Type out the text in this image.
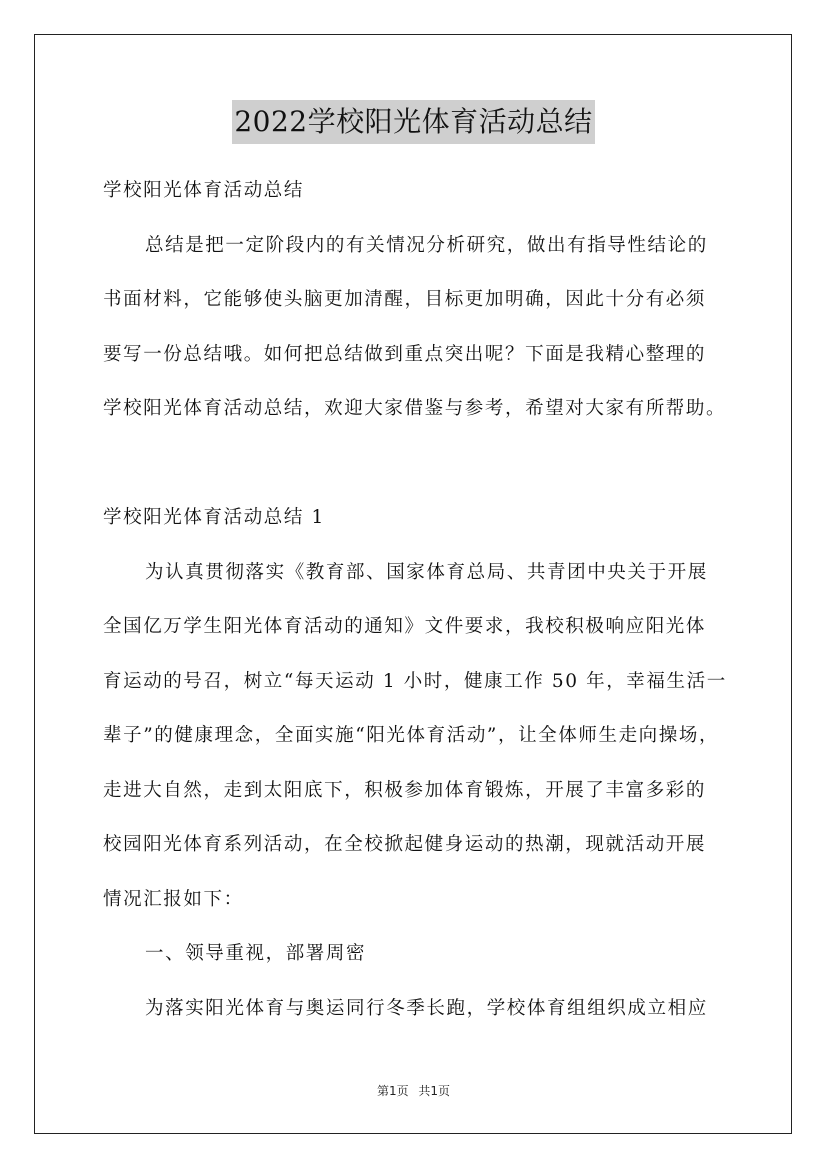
2022学校阳光体育活动总结
学校阳光体育活动总结
总结是把一定阶段内的有关情况分析研究，做出有指导性结论的
书面材料，它能够使头脑更加清醒，目标更加明确，因此十分有必须
要写一份总结哦。如何把总结做到重点突出呢？下面是我精心整理的
学校阳光体育活动总结，欢迎大家借鉴与参考，希望对大家有所帮助。
学校阳光体育活动总结 1
为认真贯彻落实《教育部、国家体育总局、共青团中央关于开展
全国亿万学生阳光体育活动的通知》文件要求，我校积极响应阳光体
育运动的号召，树立“每天运动 1 小时，健康工作 50 年，幸福生活一
辈子”的健康理念，全面实施“阳光体育活动”，让全体师生走向操场，
走进大自然，走到太阳底下，积极参加体育锻炼，开展了丰富多彩的
校园阳光体育系列活动，在全校掀起健身运动的热潮，现就活动开展
情况汇报如下：
一、领导重视，部署周密
为落实阳光体育与奥运同行冬季长跑，学校体育组组织成立相应
第1页 共1页
